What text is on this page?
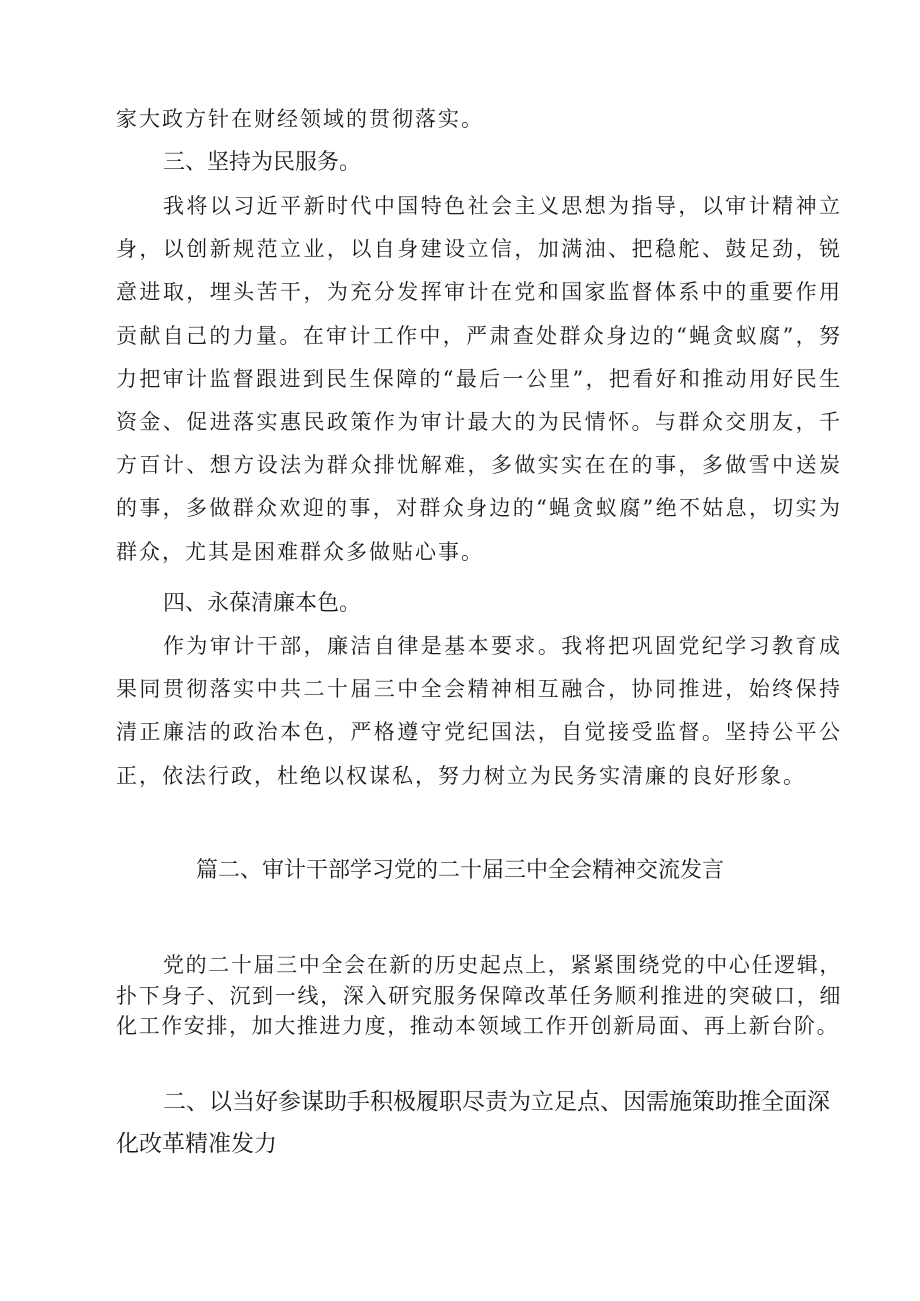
家大政方针在财经领域的贯彻落实。

三、坚持为民服务。

我将以习近平新时代中国特色社会主义思想为指导，以审计精神立身，以创新规范立业，以自身建设立信，加满油、把稳舵、鼓足劲，锐意进取，埋头苦干，为充分发挥审计在党和国家监督体系中的重要作用贡献自己的力量。在审计工作中，严肃查处群众身边的“蝇贪蚁腐”，努力把审计监督跟进到民生保障的“最后一公里”，把看好和推动用好民生资金、促进落实惠民政策作为审计最大的为民情怀。与群众交朋友，千方百计、想方设法为群众排忧解难，多做实实在在的事，多做雪中送炭的事，多做群众欢迎的事，对群众身边的“蝇贪蚁腐”绝不姑息，切实为群众，尤其是困难群众多做贴心事。

四、永葆清廉本色。

作为审计干部，廉洁自律是基本要求。我将把巩固党纪学习教育成果同贯彻落实中共二十届三中全会精神相互融合，协同推进，始终保持清正廉洁的政治本色，严格遵守党纪国法，自觉接受监督。坚持公平公正，依法行政，杜绝以权谋私，努力树立为民务实清廉的良好形象。

篇二、审计干部学习党的二十届三中全会精神交流发言

党的二十届三中全会在新的历史起点上，紧紧围绕党的中心任逻辑，扑下身子、沉到一线，深入研究服务保障改革任务顺利推进的突破口，细化工作安排，加大推进力度，推动本领域工作开创新局面、再上新台阶。

二、以当好参谋助手积极履职尽责为立足点、因需施策助推全面深化改革精准发力
